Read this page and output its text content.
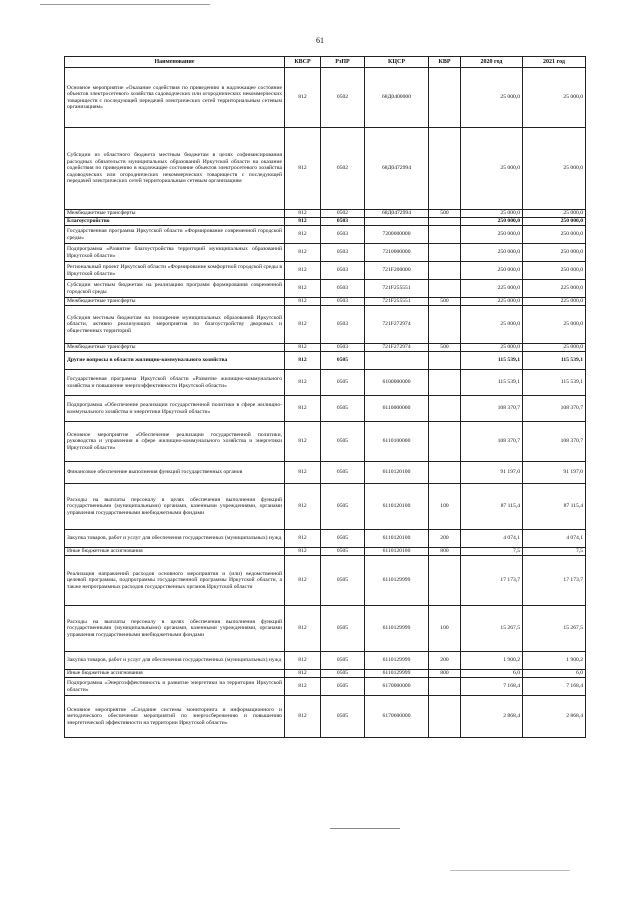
61
Наименование	КВСР	РзПР	КЦСР	КВР	2020 год	2021 год
Основное мероприятие «Оказание содействия по приведению в надлежащее состояние объектов электросетевого хозяйства садоводческих или огороднических некоммерческих товариществ с последующей передачей электрических сетей территориальным сетевым организациям»	812	0502	68Д0400000		25 000,0	25 000,0
Субсидии из областного бюджета местным бюджетам в целях софинансирования расходных обязательств муниципальных образований Иркутской области на оказание содействия по приведению в надлежащее состояние объектов электросетевого хозяйства садоводческих или огороднических некоммерческих товариществ с последующей передачей электрических сетей территориальным сетевым организациям	812	0502	68Д0472994		25 000,0	25 000,0
Межбюджетные трансферты	812	0502	68Д0472994	500	25 000,0	25 000,0
Благоустройство	812	0503			250 000,0	250 000,0
Государственная программа Иркутской области «Формирование современной городской среды»	812	0503	7200000000		250 000,0	250 000,0
Подпрограмма «Развитие благоустройства территорий муниципальных образований Иркутской области»	812	0503	7210000000		250 000,0	250 000,0
Региональный проект Иркутской области «Формирование комфортной городской среды в Иркутской области»	812	0503	721F200000		250 000,0	250 000,0
Субсидии местным бюджетам на реализацию программ формирования современной городской среды	812	0503	721F255551		225 000,0	225 000,0
Межбюджетные трансферты	812	0503	721F255551	500	225 000,0	225 000,0
Субсидия местным бюджетам на поощрение муниципальных образований Иркутской области, активно реализующих мероприятия по благоустройству дворовых и общественных территорий	812	0503	721F272974		25 000,0	25 000,0
Межбюджетные трансферты	812	0503	721F272974	500	25 000,0	25 000,0
Другие вопросы в области жилищно-коммунального хозяйства	812	0505			115 539,1	115 539,1
Государственная программа Иркутской области «Развитие жилищно-коммунального хозяйства и повышение энергоэффективности Иркутской области»	812	0505	6100000000		115 539,1	115 539,1
Подпрограмма «Обеспечение реализации государственной политики в сфере жилищно-коммунального хозяйства и энергетики Иркутской области»	812	0505	6110000000		108 370,7	108 370,7
Основное мероприятие «Обеспечение реализации государственной политики, руководства и управления в сфере жилищно-коммунального хозяйства и энергетики Иркутской области»	812	0505	6110100000		108 370,7	108 370,7
Финансовое обеспечение выполнения функций государственных органов	812	0505	6110120100		91 197,0	91 197,0
Расходы на выплаты персоналу в целях обеспечения выполнения функций государственными (муниципальными) органами, казенными учреждениями, органами управления государственными внебюджетными фондами	812	0505	6110120100	100	87 115,4	87 115,4
Закупка товаров, работ и услуг для обеспечения государственных (муниципальных) нужд	812	0505	6110120100	200	4 074,1	4 074,1
Иные бюджетные ассигнования	812	0505	6110120100	800	7,5	7,5
Реализация направлений расходов основного мероприятия и (или) ведомственной целевой программы, подпрограммы государственной программы Иркутской области, а также непрограммных расходов государственных органов Иркутской области	812	0505	6110129999		17 173,7	17 173,7
Расходы на выплаты персоналу в целях обеспечения выполнения функций государственными (муниципальными) органами, казенными учреждениями, органами управления государственными внебюджетными фондами	812	0505	6110129999	100	15 267,5	15 267,5
Закупка товаров, работ и услуг для обеспечения государственных (муниципальных) нужд	812	0505	6110129999	200	1 900,2	1 900,2
Иные бюджетные ассигнования	812	0505	6110129999	800	6,0	6,0
Подпрограмма «Энергоэффективность и развитие энергетики на территории Иркутской области»	812	0505	6170000000		7 168,4	7 168,4
Основное мероприятие «Создание системы мониторинга и информационного и методического обеспечения мероприятий по энергосбережению и повышению энергетической эффективности на территории Иркутской области»	812	0505	6170600000		2 868,4	2 868,4
